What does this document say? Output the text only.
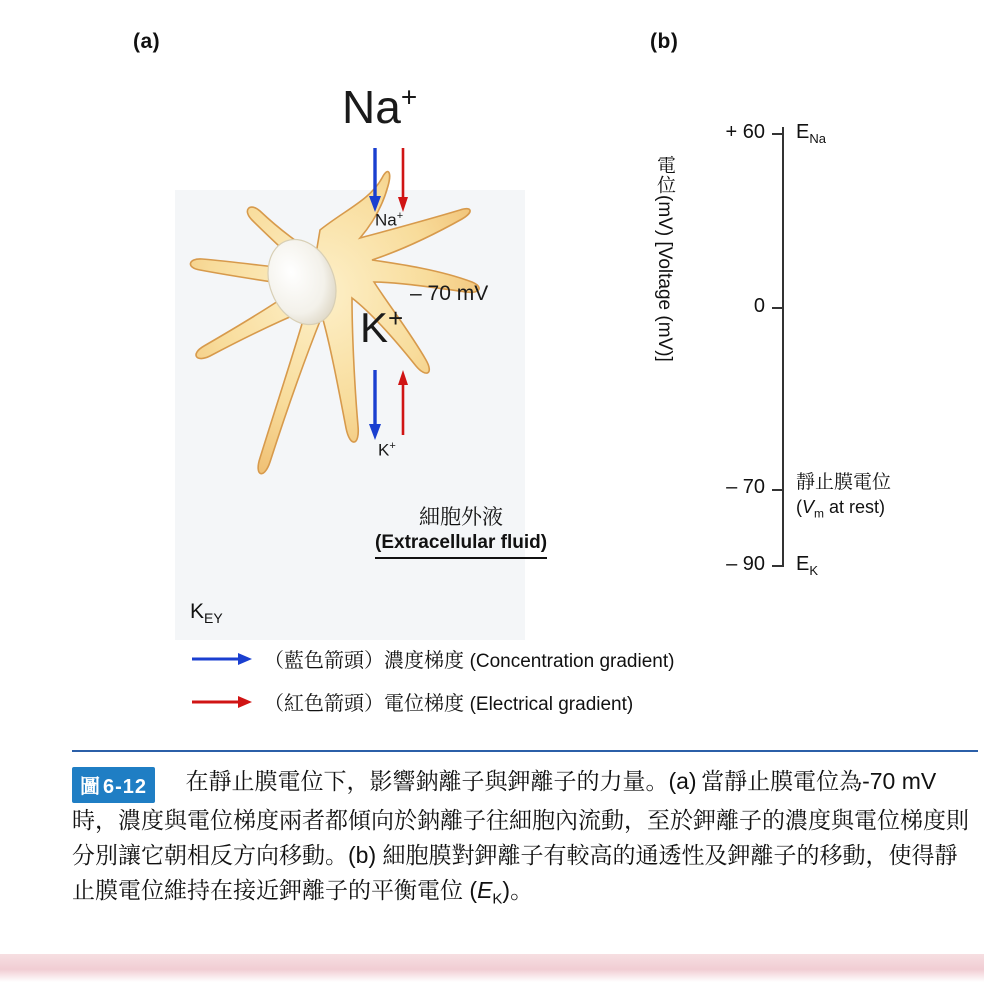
(a)	(b)
Na+
Na+
K+
K+
– 70 mV
細胞外液
(Extracellular fluid)
電位(mV) [Voltage (mV)]
+ 60 $E_{Na}$
0
– 70 靜止膜電位
($V_m$ at rest)
– 90 $E_K$
$K_{EY}$
（藍色箭頭）濃度梯度 (Concentration gradient)
（紅色箭頭）電位梯度 (Electrical gradient)
圖 6-12 在靜止膜電位下，影響鈉離子與鉀離子的力量。(a) 當靜止膜電位為-70 mV時，濃度與電位梯度兩者都傾向於鈉離子往細胞內流動，至於鉀離子的濃度與電位梯度則分別讓它朝相反方向移動。(b) 細胞膜對鉀離子有較高的通透性及鉀離子的移動，使得靜止膜電位維持在接近鉀離子的平衡電位 $(E_K)$。
